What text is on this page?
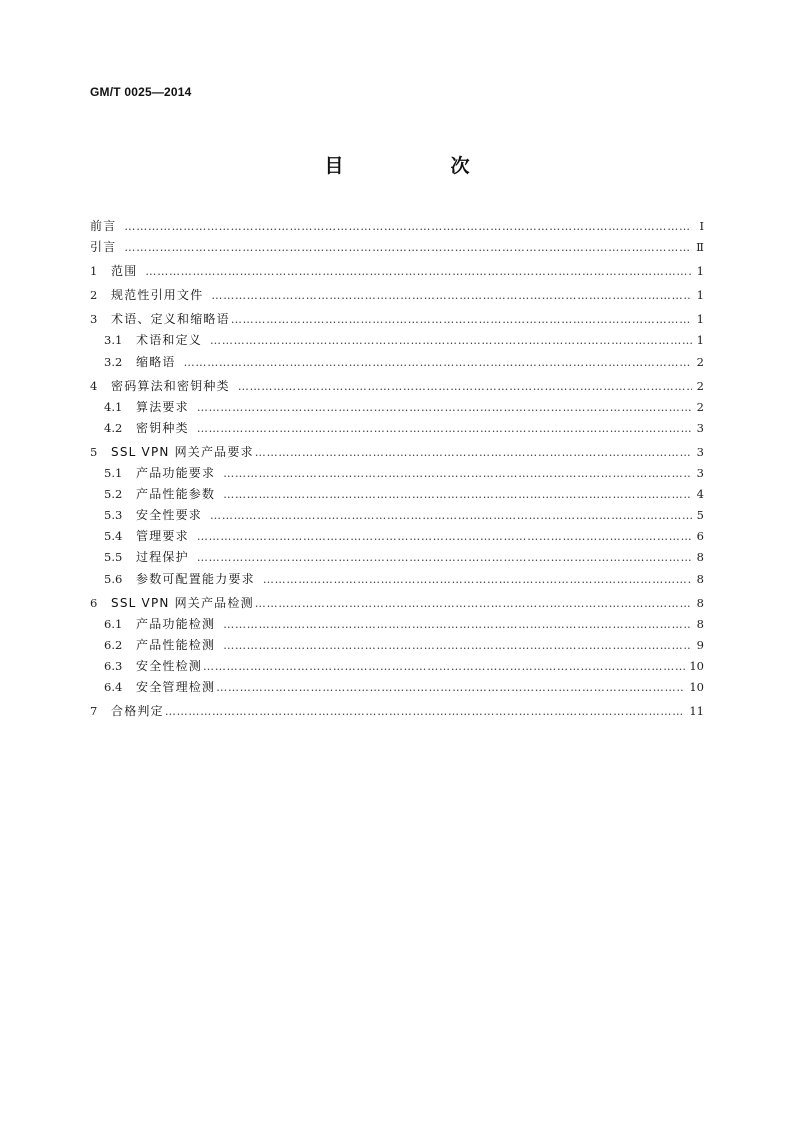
GM/T 0025—2014
目　次
前言 …………………………………………………………………………………………………………………………………………………………………………………	Ⅰ
引言 …………………………………………………………………………………………………………………………………………………………………………………	Ⅱ
1	范围 …………………………………………………………………………………………………………………………………………………………………………………	1
2	规范性引用文件 …………………………………………………………………………………………………………………………………………………………………………………	1
3	术语、定义和缩略语 …………………………………………………………………………………………………………………………………………………………………………………	1
3.1	术语和定义 …………………………………………………………………………………………………………………………………………………………………………………	1
3.2	缩略语 …………………………………………………………………………………………………………………………………………………………………………………	2
4	密码算法和密钥种类 …………………………………………………………………………………………………………………………………………………………………………………	2
4.1	算法要求 …………………………………………………………………………………………………………………………………………………………………………………	2
4.2	密钥种类 …………………………………………………………………………………………………………………………………………………………………………………	3
5	SSL VPN 网关产品要求 …………………………………………………………………………………………………………………………………………………………………………………	3
5.1	产品功能要求 …………………………………………………………………………………………………………………………………………………………………………………	3
5.2	产品性能参数 …………………………………………………………………………………………………………………………………………………………………………………	4
5.3	安全性要求 …………………………………………………………………………………………………………………………………………………………………………………	5
5.4	管理要求 …………………………………………………………………………………………………………………………………………………………………………………	6
5.5	过程保护 …………………………………………………………………………………………………………………………………………………………………………………	8
5.6	参数可配置能力要求 …………………………………………………………………………………………………………………………………………………………………………………	8
6	SSL VPN 网关产品检测 …………………………………………………………………………………………………………………………………………………………………………………	8
6.1	产品功能检测 …………………………………………………………………………………………………………………………………………………………………………………	8
6.2	产品性能检测 …………………………………………………………………………………………………………………………………………………………………………………	9
6.3	安全性检测 …………………………………………………………………………………………………………………………………………………………………………………	10
6.4	安全管理检测 …………………………………………………………………………………………………………………………………………………………………………………	10
7	合格判定 …………………………………………………………………………………………………………………………………………………………………………………	11
